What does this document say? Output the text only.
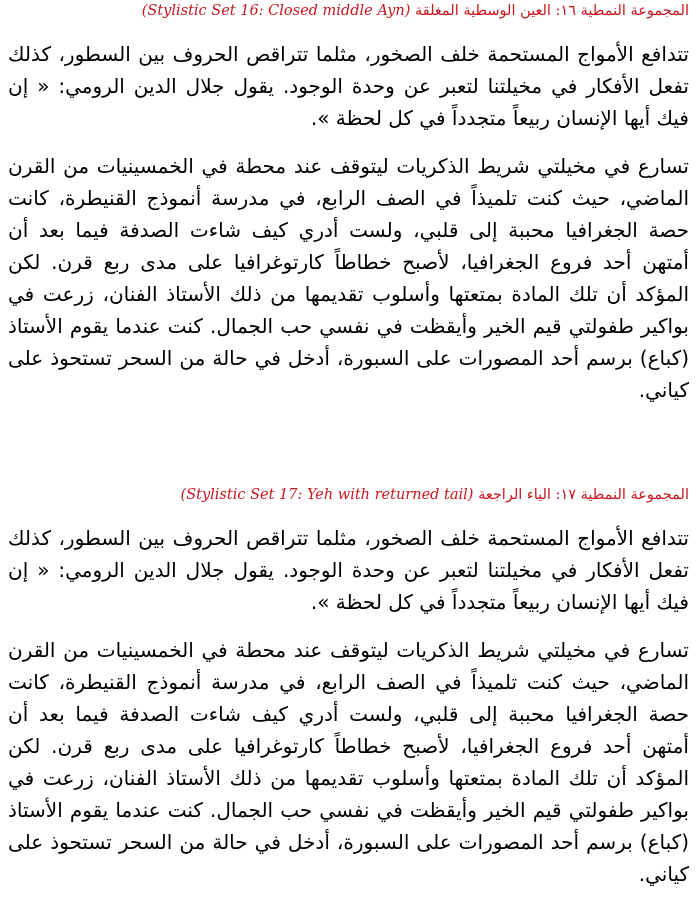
المجموعة النمطية ١٦: العين الوسطية المغلقة (Stylistic Set 16: Closed middle Ayn)

تتدافع الأمواج المستحمة خلف الصخور، مثلما تتراقص الحروف بين السطور، كذلك تفعل الأفكار في مخيلتنا لتعبر عن وحدة الوجود. يقول جلال الدين الرومي: « إن فيك أيها الإنسان ربيعاً متجدداً في كل لحظة ».

تسارع في مخيلتي شريط الذكريات ليتوقف عند محطة في الخمسينيات من القرن الماضي، حيث كنت تلميذاً في الصف الرابع، في مدرسة أنموذج القنيطرة، كانت حصة الجغرافيا محببة إلى قلبي، ولست أدري كيف شاءت الصدفة فيما بعد أن أمتهن أحد فروع الجغرافيا، لأصبح خطاطاً كارتوغرافيا على مدى ربع قرن. لكن المؤكد أن تلك المادة بمتعتها وأسلوب تقديمها من ذلك الأستاذ الفنان، زرعت في بواكير طفولتي قيم الخير وأيقظت في نفسي حب الجمال. كنت عندما يقوم الأستاذ (كباع) برسم أحد المصورات على السبورة، أدخل في حالة من السحر تستحوذ على كياني.

المجموعة النمطية ١٧: الياء الراجعة (Stylistic Set 17: Yeh with returned tail)

تتدافع الأمواج المستحمة خلف الصخور، مثلما تتراقص الحروف بين السطور، كذلك تفعل الأفكار في مخيلتنا لتعبر عن وحدة الوجود. يقول جلال الدين الرومي: « إن فيك أيها الإنسان ربيعاً متجدداً في كل لحظة ».

تسارع في مخيلتي شريط الذكريات ليتوقف عند محطة في الخمسينيات من القرن الماضي، حيث كنت تلميذاً في الصف الرابع، في مدرسة أنموذج القنيطرة، كانت حصة الجغرافيا محببة إلى قلبي، ولست أدري كيف شاءت الصدفة فيما بعد أن أمتهن أحد فروع الجغرافيا، لأصبح خطاطاً كارتوغرافيا على مدى ربع قرن. لكن المؤكد أن تلك المادة بمتعتها وأسلوب تقديمها من ذلك الأستاذ الفنان، زرعت في بواكير طفولتي قيم الخير وأيقظت في نفسي حب الجمال. كنت عندما يقوم الأستاذ (كباع) برسم أحد المصورات على السبورة، أدخل في حالة من السحر تستحوذ على كياني.
